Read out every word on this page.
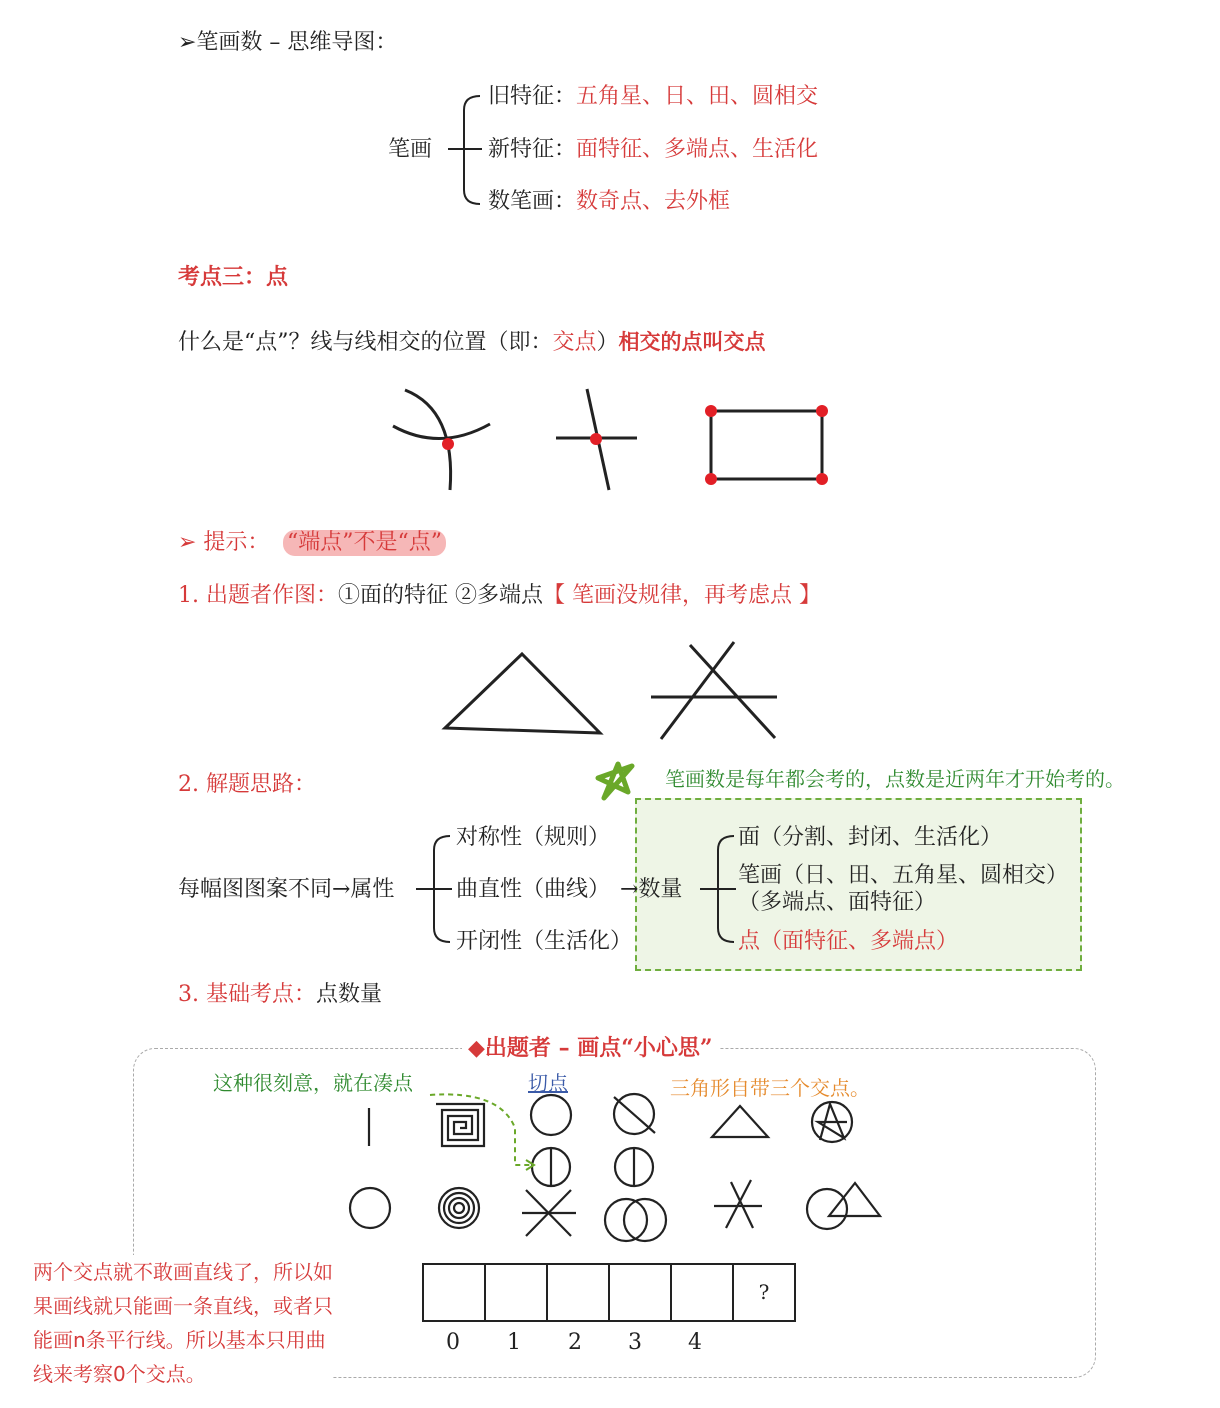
➢笔画数 – 思维导图：
笔画
旧特征：五角星、日、田、圆相交
新特征：面特征、多端点、生活化
数笔画：数奇点、去外框
考点三：点
什么是“点”？线与线相交的位置（即：交点）相交的点叫交点
➢ 提示： “端点”不是“点”
1. 出题者作图：①面的特征 ②多端点【 笔画没规律，再考虑点 】
2. 解题思路：	笔画数是每年都会考的，点数是近两年才开始考的。
每幅图图案不同→属性
对称性（规则）
曲直性（曲线）
开闭性（生活化）
→数量
面（分割、封闭、生活化）
笔画（日、田、五角星、圆相交）
（多端点、面特征）
点（面特征、多端点）
3. 基础考点：点数量
◆出题者 – 画点“小心思”
这种很刻意，就在凑点	切点	三角形自带三个交点。
?
0 1 2 3 4
两个交点就不敢画直线了，所以如
果画线就只能画一条直线，或者只
能画n条平行线。所以基本只用曲
线来考察0个交点。
